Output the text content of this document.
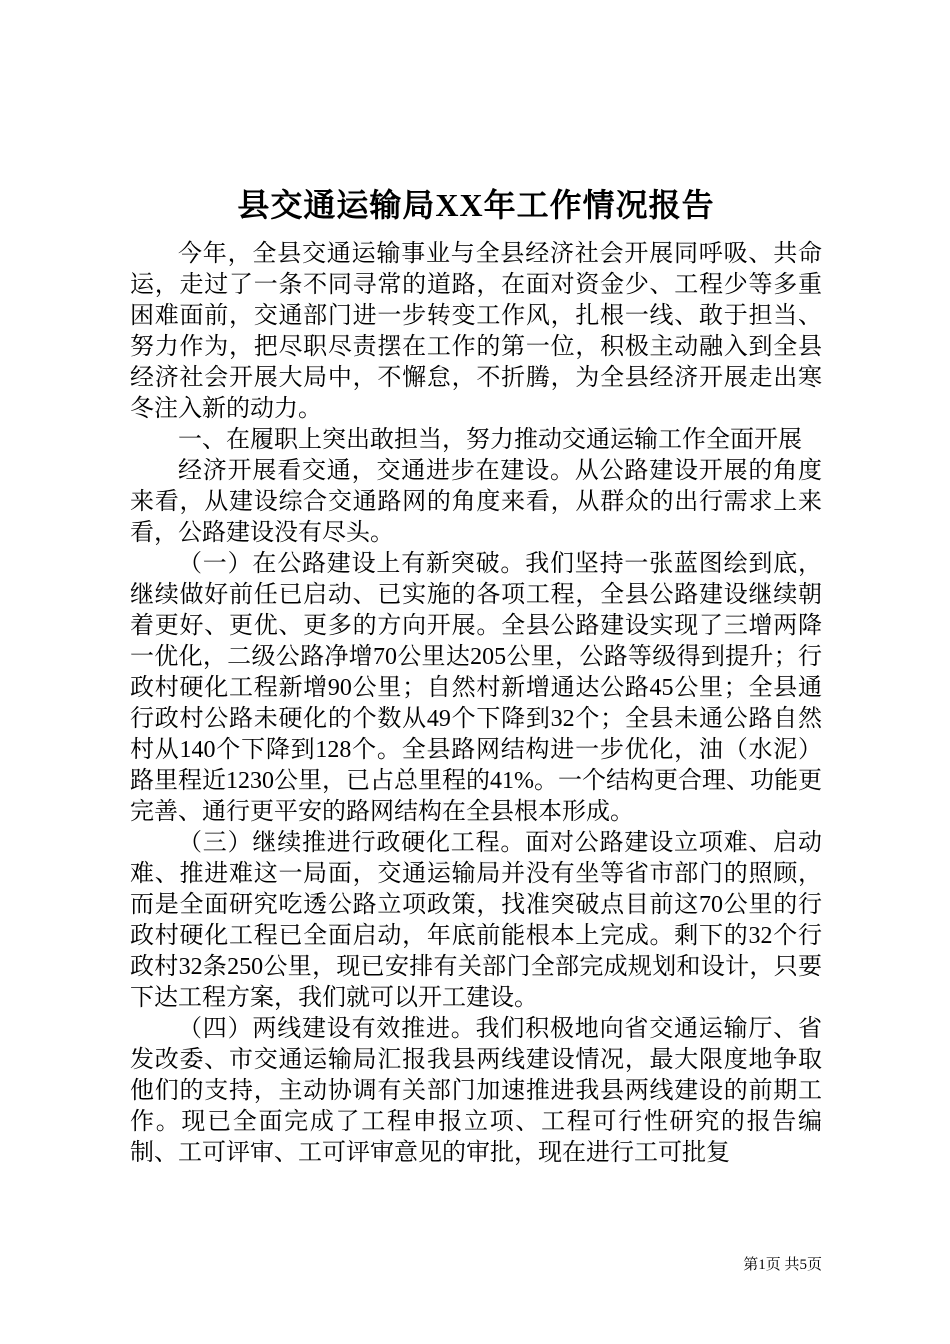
县交通运输局XX年工作情况报告

今年，全县交通运输事业与全县经济社会开展同呼吸、共命运，走过了一条不同寻常的道路，在面对资金少、工程少等多重困难面前，交通部门进一步转变工作风，扎根一线、敢于担当、努力作为，把尽职尽责摆在工作的第一位，积极主动融入到全县经济社会开展大局中，不懈怠，不折腾，为全县经济开展走出寒冬注入新的动力。

一、在履职上突出敢担当，努力推动交通运输工作全面开展

经济开展看交通，交通进步在建设。从公路建设开展的角度来看，从建设综合交通路网的角度来看，从群众的出行需求上来看，公路建设没有尽头。

（一）在公路建设上有新突破。我们坚持一张蓝图绘到底，继续做好前任已启动、已实施的各项工程，全县公路建设继续朝着更好、更优、更多的方向开展。全县公路建设实现了三增两降一优化，二级公路净增70公里达205公里，公路等级得到提升；行政村硬化工程新增90公里；自然村新增通达公路45公里；全县通行政村公路未硬化的个数从49个下降到32个；全县未通公路自然村从140个下降到128个。全县路网结构进一步优化，油（水泥）路里程近1230公里，已占总里程的41%。一个结构更合理、功能更完善、通行更平安的路网结构在全县根本形成。

（三）继续推进行政硬化工程。面对公路建设立项难、启动难、推进难这一局面，交通运输局并没有坐等省市部门的照顾，而是全面研究吃透公路立项政策，找准突破点目前这70公里的行政村硬化工程已全面启动，年底前能根本上完成。剩下的32个行政村32条250公里，现已安排有关部门全部完成规划和设计，只要下达工程方案，我们就可以开工建设。

（四）两线建设有效推进。我们积极地向省交通运输厅、省发改委、市交通运输局汇报我县两线建设情况，最大限度地争取他们的支持，主动协调有关部门加速推进我县两线建设的前期工作。现已全面完成了工程申报立项、工程可行性研究的报告编制、工可评审、工可评审意见的审批，现在进行工可批复

第1页 共5页
